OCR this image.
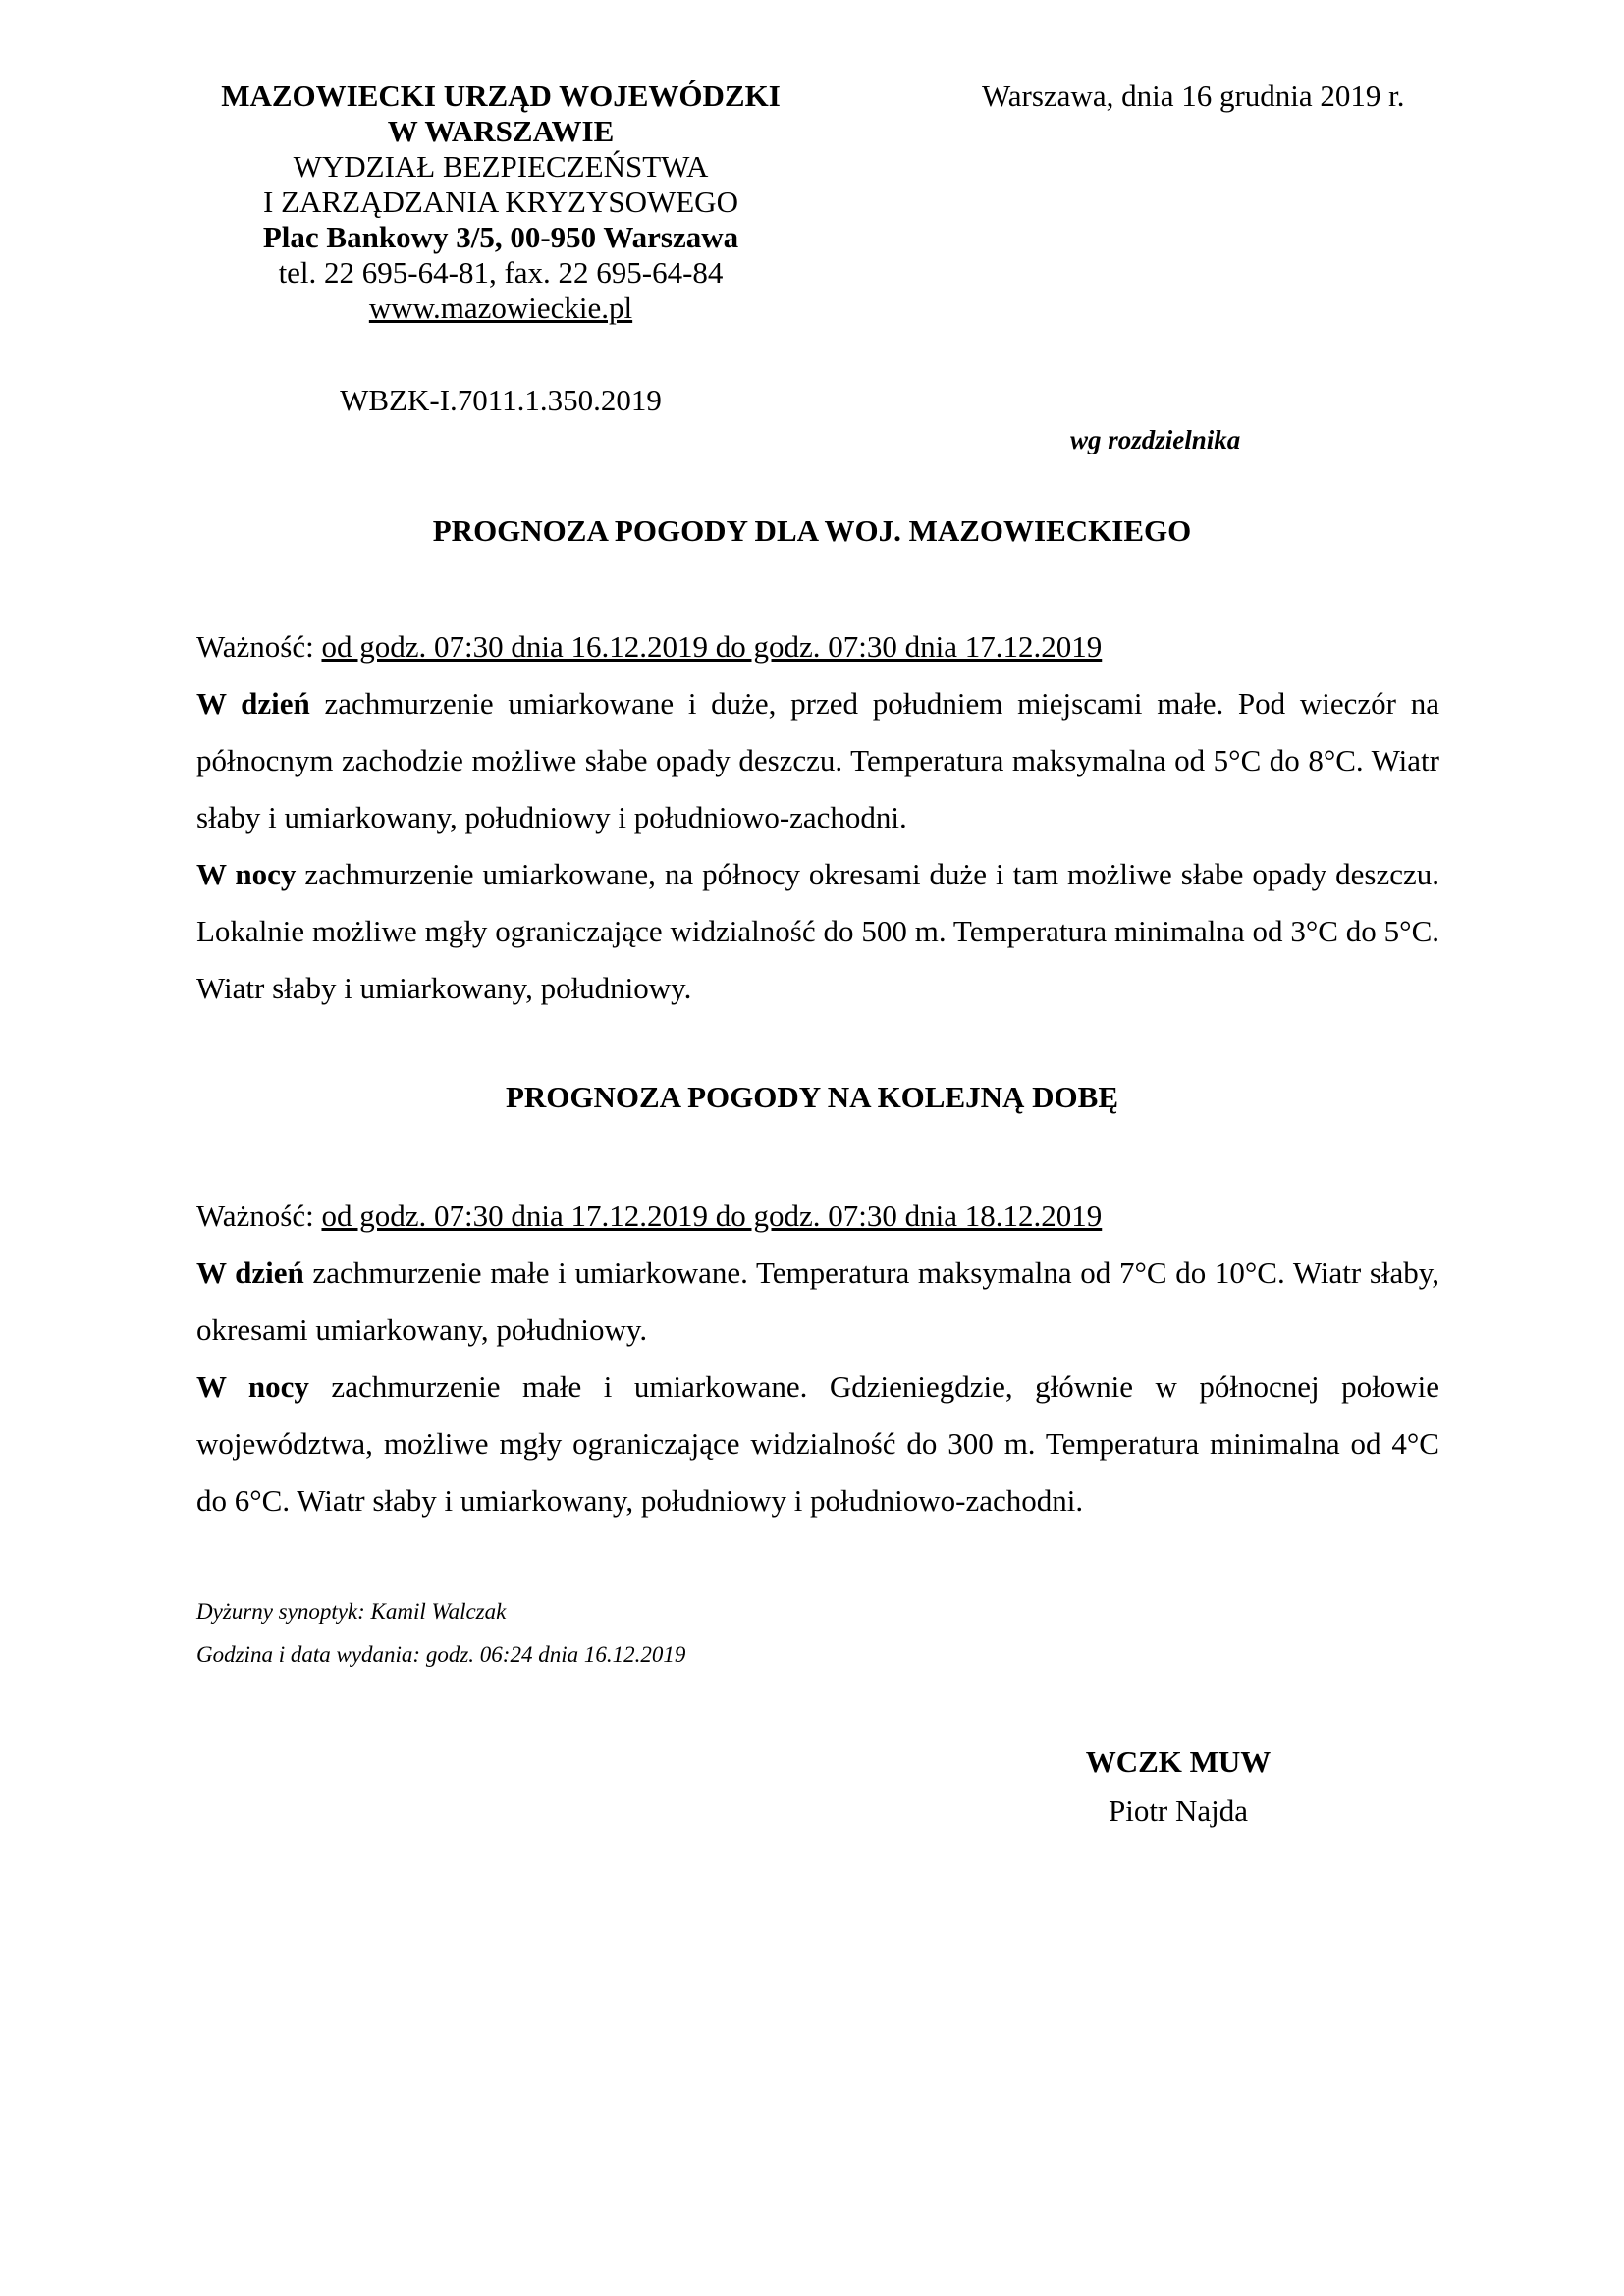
MAZOWIECKI URZĄD WOJEWÓDZKI
W WARSZAWIE
WYDZIAŁ BEZPIECZEŃSTWA
I ZARZĄDZANIA KRYZYSOWEGO
Plac Bankowy 3/5, 00-950 Warszawa
tel. 22 695-64-81, fax. 22 695-64-84
www.mazowieckie.pl
Warszawa, dnia 16 grudnia 2019 r.
WBZK-I.7011.1.350.2019
wg rozdzielnika
PROGNOZA POGODY DLA WOJ. MAZOWIECKIEGO

Ważność: od godz. 07:30 dnia 16.12.2019 do godz. 07:30 dnia 17.12.2019

W dzień zachmurzenie umiarkowane i duże, przed południem miejscami małe. Pod wieczór na północnym zachodzie możliwe słabe opady deszczu. Temperatura maksymalna od 5°C do 8°C. Wiatr słaby i umiarkowany, południowy i południowo-zachodni.

W nocy zachmurzenie umiarkowane, na północy okresami duże i tam możliwe słabe opady deszczu. Lokalnie możliwe mgły ograniczające widzialność do 500 m. Temperatura minimalna od 3°C do 5°C. Wiatr słaby i umiarkowany, południowy.

PROGNOZA POGODY NA KOLEJNĄ DOBĘ

Ważność: od godz. 07:30 dnia 17.12.2019 do godz. 07:30 dnia 18.12.2019

W dzień zachmurzenie małe i umiarkowane. Temperatura maksymalna od 7°C do 10°C. Wiatr słaby, okresami umiarkowany, południowy.

W nocy zachmurzenie małe i umiarkowane. Gdzieniegdzie, głównie w północnej połowie województwa, możliwe mgły ograniczające widzialność do 300 m. Temperatura minimalna od 4°C do 6°C. Wiatr słaby i umiarkowany, południowy i południowo-zachodni.

Dyżurny synoptyk: Kamil Walczak
Godzina i data wydania: godz. 06:24 dnia 16.12.2019
WCZK MUW
Piotr Najda
